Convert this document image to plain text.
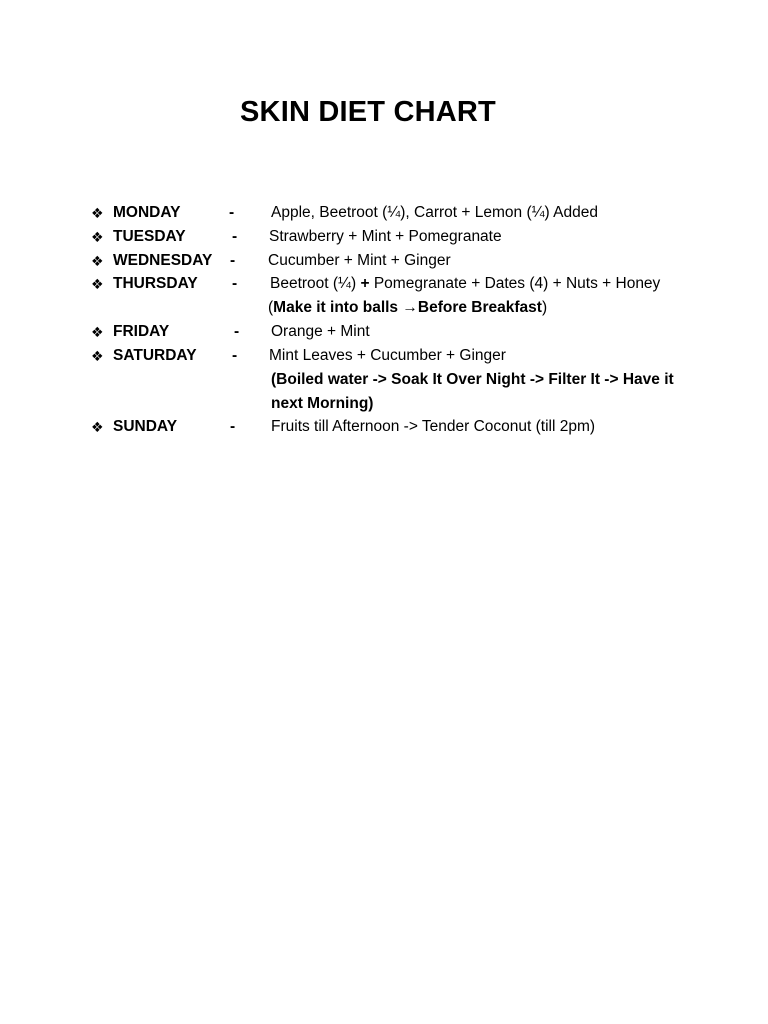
SKIN DIET CHART
❖ MONDAY	- Apple, Beetroot (¼), Carrot + Lemon (¼) Added
❖ TUESDAY	- Strawberry + Mint + Pomegranate
❖ WEDNESDAY - Cucumber + Mint + Ginger
❖ THURSDAY - Beetroot (¼) + Pomegranate + Dates (4) + Nuts + Honey
(Make it into balls →Before Breakfast)
❖ FRIDAY	- Orange + Mint
❖ SATURDAY - Mint Leaves + Cucumber + Ginger
(Boiled water -> Soak It Over Night -> Filter It -> Have it
next Morning)
❖ SUNDAY	- Fruits till Afternoon -> Tender Coconut (till 2pm)
